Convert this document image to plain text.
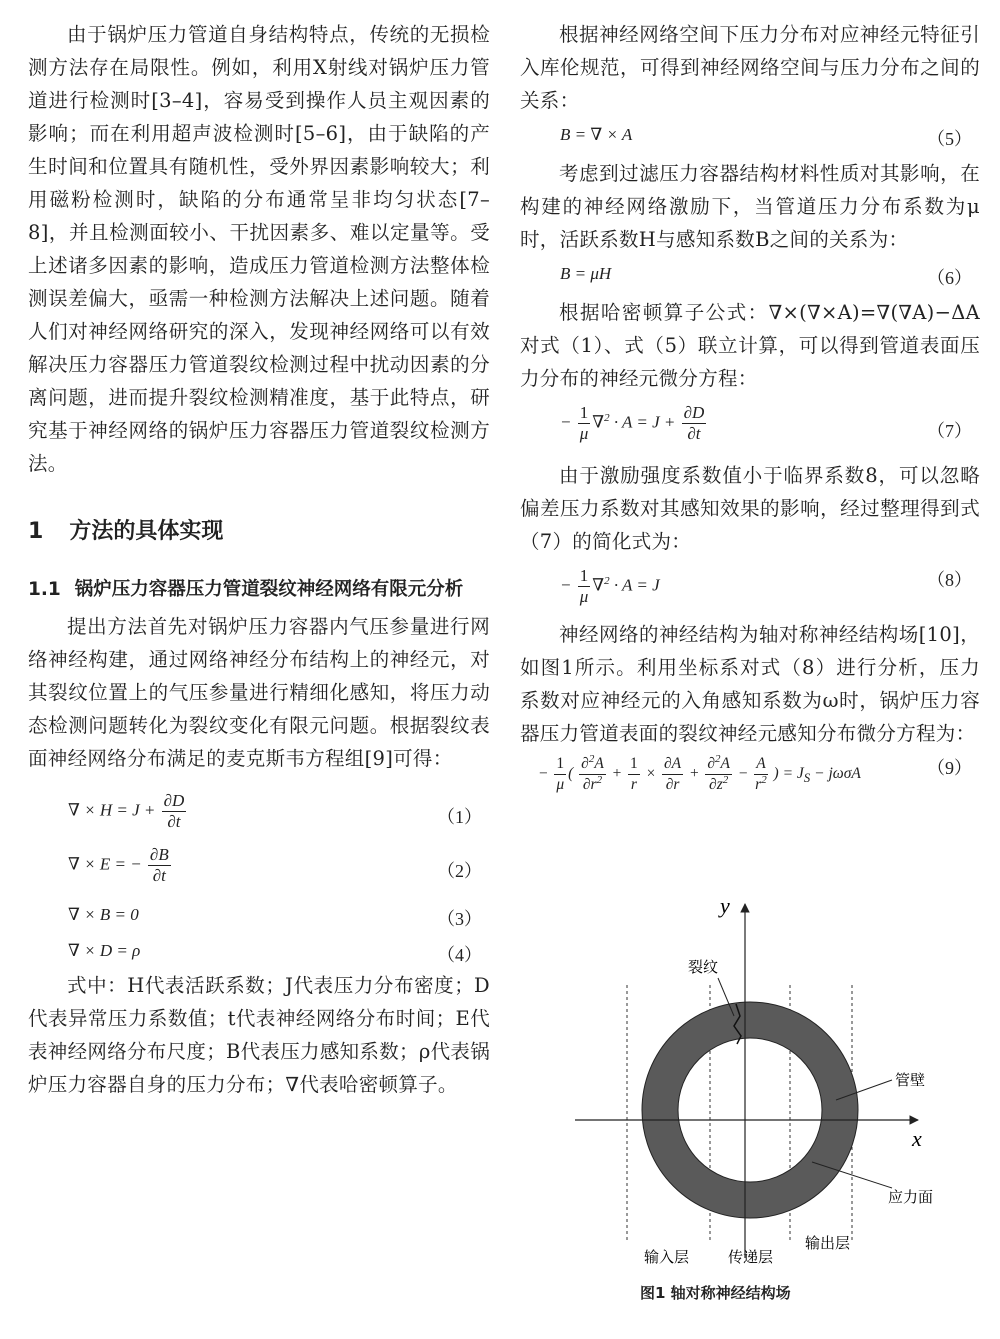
由于锅炉压力管道自身结构特点，传统的无损检测方法存在局限性。例如，利用X射线对锅炉压力管道进行检测时[3–4]，容易受到操作人员主观因素的影响；而在利用超声波检测时[5–6]，由于缺陷的产生时间和位置具有随机性，受外界因素影响较大；利用磁粉检测时，缺陷的分布通常呈非均匀状态[7–8]，并且检测面较小、干扰因素多、难以定量等。受上述诸多因素的影响，造成压力管道检测方法整体检测误差偏大，亟需一种检测方法解决上述问题。随着人们对神经网络研究的深入，发现神经网络可以有效解决压力容器压力管道裂纹检测过程中扰动因素的分离问题，进而提升裂纹检测精准度，基于此特点，研究基于神经网络的锅炉压力容器压力管道裂纹检测方法。

1 方法的具体实现
1.1 锅炉压力容器压力管道裂纹神经网络有限元分析

提出方法首先对锅炉压力容器内气压参量进行网络神经构建，通过网络神经分布结构上的神经元，对其裂纹位置上的气压参量进行精细化感知，将压力动态检测问题转化为裂纹变化有限元问题。根据裂纹表面神经网络分布满足的麦克斯韦方程组[9]可得：

∇ × $H = J + \frac{\partial D}{\partial t}$	（1）
∇ × E = − $\frac{\partial B}{\partial t}$	（2）
∇ × B = 0	（3）
∇ × D = ρ	（4）

式中：H代表活跃系数；J代表压力分布密度；D代表异常压力系数值；t代表神经网络分布时间；E代表神经网络分布尺度；B代表压力感知系数；ρ代表锅炉压力容器自身的压力分布；∇代表哈密顿算子。

根据神经网络空间下压力分布对应神经元特征引入库伦规范，可得到神经网络空间与压力分布之间的关系：

B = ∇ × A	（5）

考虑到过滤压力容器结构材料性质对其影响，在构建的神经网络激励下，当管道压力分布系数为μ时，活跃系数H与感知系数B之间的关系为：

B = μH	（6）

根据哈密顿算子公式：∇×(∇×A)=∇(∇A)−ΔA对式（1）、式（5）联立计算，可以得到管道表面压力分布的神经元微分方程：

− $\frac{1}{\mu} \nabla^2 \cdot A = J + \frac{\partial D}{\partial t}$	（7）

由于激励强度系数值小于临界系数8，可以忽略偏差压力系数对其感知效果的影响，经过整理得到式（7）的简化式为：

− $\frac{1}{\mu} \nabla^2 \cdot A = J$	（8）

神经网络的神经结构为轴对称神经结构场[10]，如图1所示。利用坐标系对式（8）进行分析，压力系数对应神经元的入角感知系数为ω时，锅炉压力容器压力管道表面的裂纹神经元感知分布微分方程为：

− $\frac{1}{\mu}$ ( $\frac{\partial^2A}{\partial r^2} + \frac{1}{r} \times \frac{\partial A}{\partial r} + \frac{\partial^2A}{\partial z^2} - \frac{A}{r^2}$ ) = $J_S - j\omega\sigma A$	（9）
y
x
裂纹
管壁
应力面
输入层	传递层
输出层
图1 轴对称神经结构场
